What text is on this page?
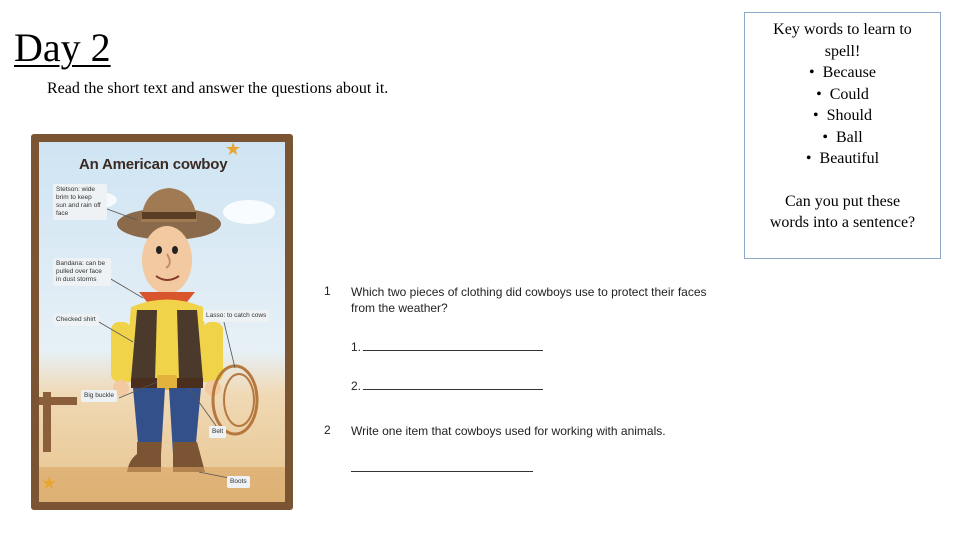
Day 2
Read the short text and answer the questions about it.
Key words to learn to
spell!
•  Because
•  Could
•  Should
•  Ball
•  Beautiful
Can you put these
words into a sentence?
An American cowboy
Stetson: wide brim to keep sun and rain off face
Bandana: can be pulled over face in dust storms
Checked shirt
Lasso: to catch cows
Big buckle
Belt
Boots
★
★
1 Which two pieces of clothing did cowboys use to protect their faces
from the weather?
1.
2.
2 Write one item that cowboys used for working with animals.
